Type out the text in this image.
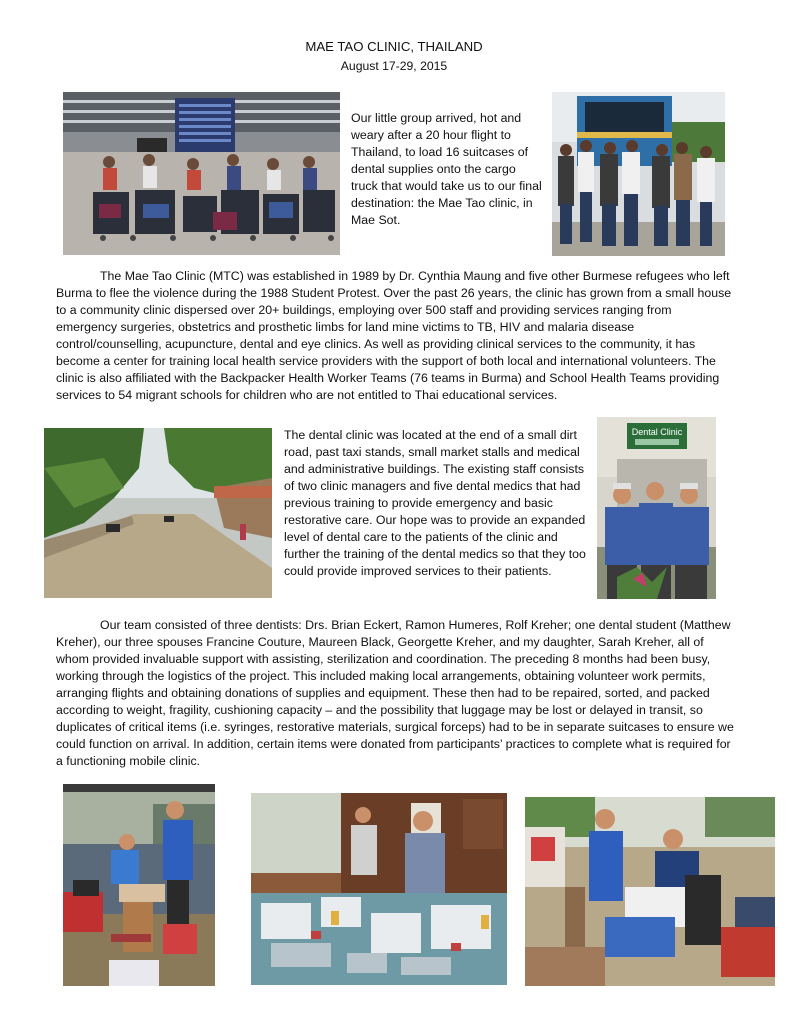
MAE TAO CLINIC, THAILAND
August 17-29, 2015
Our little group arrived, hot and weary after a 20 hour flight to Thailand, to load 16 suitcases of dental supplies onto the cargo truck that would take us to our final destination: the Mae Tao clinic, in Mae Sot.
The Mae Tao Clinic (MTC) was established in 1989 by Dr. Cynthia Maung and five other Burmese refugees who left Burma to flee the violence during the 1988 Student Protest. Over the past 26 years, the clinic has grown from a small house to a community clinic dispersed over 20+ buildings, employing over 500 staff and providing services ranging from emergency surgeries, obstetrics and prosthetic limbs for land mine victims to TB, HIV and malaria disease control/counselling, acupuncture, dental and eye clinics. As well as providing clinical services to the community, it has become a center for training local health service providers with the support of both local and international volunteers. The clinic is also affiliated with the Backpacker Health Worker Teams (76 teams in Burma) and School Health Teams providing services to 54 migrant schools for children who are not entitled to Thai educational services.
The dental clinic was located at the end of a small dirt road, past taxi stands, small market stalls and medical and administrative buildings. The existing staff consists of two clinic managers and five dental medics that had previous training to provide emergency and basic restorative care. Our hope was to provide an expanded level of dental care to the patients of the clinic and further the training of the dental medics so that they too could provide improved services to their patients.
Dental Clinic
Our team consisted of three dentists: Drs. Brian Eckert, Ramon Humeres, Rolf Kreher; one dental student (Matthew Kreher), our three spouses Francine Couture, Maureen Black, Georgette Kreher, and my daughter, Sarah Kreher, all of whom provided invaluable support with assisting, sterilization and coordination. The preceding 8 months had been busy, working through the logistics of the project. This included making local arrangements, obtaining volunteer work permits, arranging flights and obtaining donations of supplies and equipment. These then had to be repaired, sorted, and packed according to weight, fragility, cushioning capacity – and the possibility that luggage may be lost or delayed in transit, so duplicates of critical items (i.e. syringes, restorative materials, surgical forceps) had to be in separate suitcases to ensure we could function on arrival. In addition, certain items were donated from participants’ practices to complete what is required for a functioning mobile clinic.
